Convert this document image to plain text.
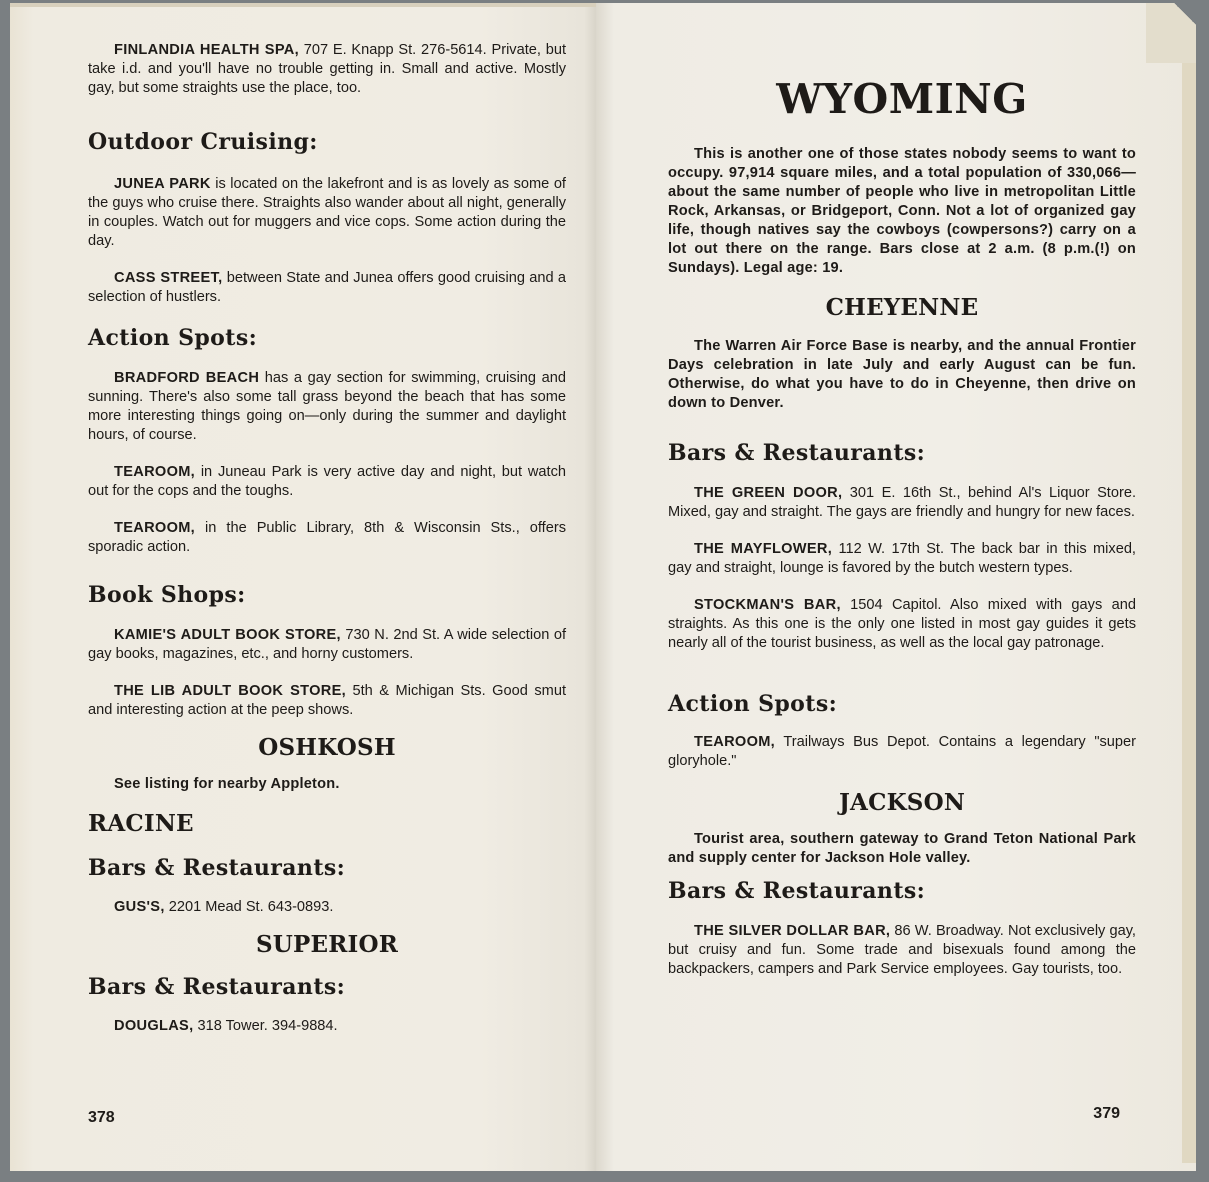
FINLANDIA HEALTH SPA, 707 E. Knapp St. 276-5614. Private, but take i.d. and you'll have no trouble getting in. Small and active. Mostly gay, but some straights use the place, too.

Outdoor Cruising:

JUNEA PARK is located on the lakefront and is as lovely as some of the guys who cruise there. Straights also wander about all night, generally in couples. Watch out for muggers and vice cops. Some action during the day.

CASS STREET, between State and Junea offers good cruising and a selection of hustlers.

Action Spots:

BRADFORD BEACH has a gay section for swimming, cruising and sunning. There's also some tall grass beyond the beach that has some more interesting things going on—only during the summer and daylight hours, of course.

TEAROOM, in Juneau Park is very active day and night, but watch out for the cops and the toughs.

TEAROOM, in the Public Library, 8th & Wisconsin Sts., offers sporadic action.

Book Shops:

KAMIE'S ADULT BOOK STORE, 730 N. 2nd St. A wide selection of gay books, magazines, etc., and horny customers.

THE LIB ADULT BOOK STORE, 5th & Michigan Sts. Good smut and interesting action at the peep shows.

OSHKOSH

See listing for nearby Appleton.

RACINE
Bars & Restaurants:

GUS'S, 2201 Mead St. 643-0893.

SUPERIOR
Bars & Restaurants:

DOUGLAS, 318 Tower. 394-9884.

378
WYOMING

This is another one of those states nobody seems to want to occupy. 97,914 square miles, and a total population of 330,066—about the same number of people who live in metropolitan Little Rock, Arkansas, or Bridgeport, Conn. Not a lot of organized gay life, though natives say the cowboys (cowpersons?) carry on a lot out there on the range. Bars close at 2 a.m. (8 p.m.(!) on Sundays). Legal age: 19.

CHEYENNE

The Warren Air Force Base is nearby, and the annual Frontier Days celebration in late July and early August can be fun. Otherwise, do what you have to do in Cheyenne, then drive on down to Denver.

Bars & Restaurants:

THE GREEN DOOR, 301 E. 16th St., behind Al's Liquor Store. Mixed, gay and straight. The gays are friendly and hungry for new faces.

THE MAYFLOWER, 112 W. 17th St. The back bar in this mixed, gay and straight, lounge is favored by the butch western types.

STOCKMAN'S BAR, 1504 Capitol. Also mixed with gays and straights. As this one is the only one listed in most gay guides it gets nearly all of the tourist business, as well as the local gay patronage.

Action Spots:

TEAROOM, Trailways Bus Depot. Contains a legendary "super gloryhole."

JACKSON

Tourist area, southern gateway to Grand Teton National Park and supply center for Jackson Hole valley.

Bars & Restaurants:

THE SILVER DOLLAR BAR, 86 W. Broadway. Not exclusively gay, but cruisy and fun. Some trade and bisexuals found among the backpackers, campers and Park Service employees. Gay tourists, too.

379
